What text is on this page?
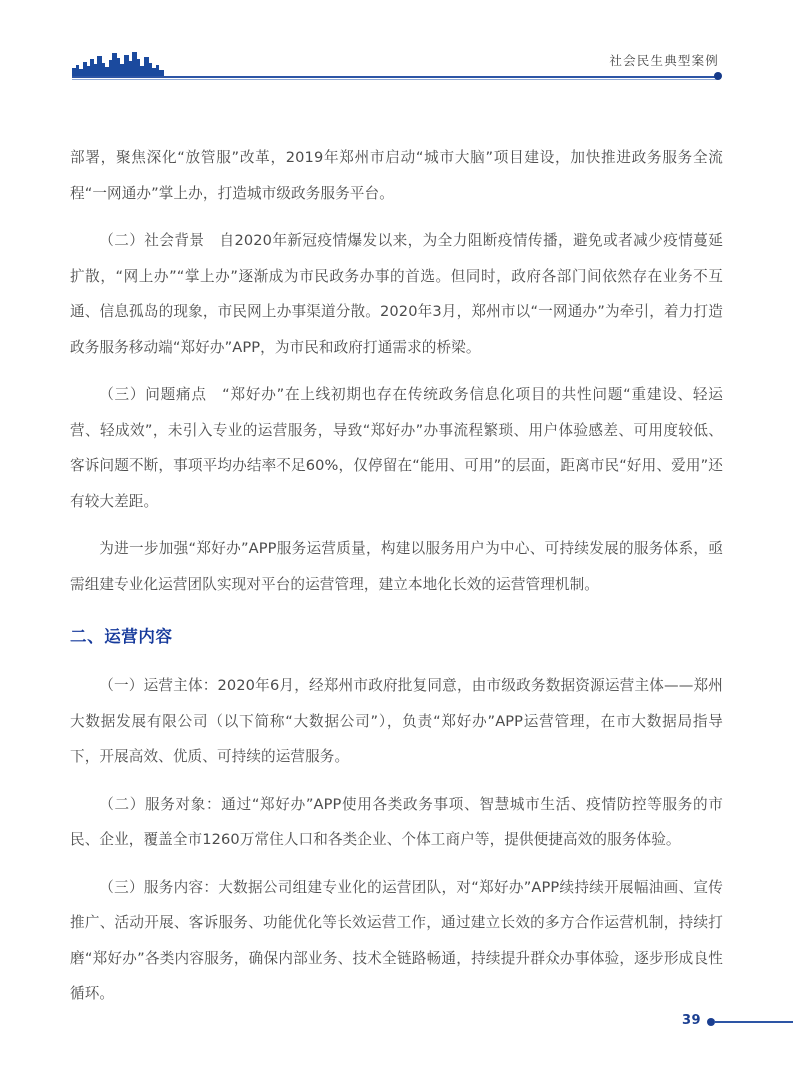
社会民生典型案例

部署，聚焦深化“放管服”改革，2019年郑州市启动“城市大脑”项目建设，加快推进政务服务全流程“一网通办”掌上办，打造城市级政务服务平台。

（二）社会背景　自2020年新冠疫情爆发以来，为全力阻断疫情传播，避免或者减少疫情蔓延扩散，“网上办”“掌上办”逐渐成为市民政务办事的首选。但同时，政府各部门间依然存在业务不互通、信息孤岛的现象，市民网上办事渠道分散。2020年3月，郑州市以“一网通办”为牵引，着力打造政务服务移动端“郑好办”APP，为市民和政府打通需求的桥梁。

（三）问题痛点　“郑好办”在上线初期也存在传统政务信息化项目的共性问题“重建设、轻运营、轻成效”，未引入专业的运营服务，导致“郑好办”办事流程繁琐、用户体验感差、可用度较低、客诉问题不断，事项平均办结率不足60%，仅停留在“能用、可用”的层面，距离市民“好用、爱用”还有较大差距。

为进一步加强“郑好办”APP服务运营质量，构建以服务用户为中心、可持续发展的服务体系，亟需组建专业化运营团队实现对平台的运营管理，建立本地化长效的运营管理机制。

二、运营内容

（一）运营主体：2020年6月，经郑州市政府批复同意，由市级政务数据资源运营主体——郑州大数据发展有限公司（以下简称“大数据公司”），负责“郑好办”APP运营管理，在市大数据局指导下，开展高效、优质、可持续的运营服务。

（二）服务对象：通过“郑好办”APP使用各类政务事项、智慧城市生活、疫情防控等服务的市民、企业，覆盖全市1260万常住人口和各类企业、个体工商户等，提供便捷高效的服务体验。

（三）服务内容：大数据公司组建专业化的运营团队，对“郑好办”APP续持续开展幅油画、宣传推广、活动开展、客诉服务、功能优化等长效运营工作，通过建立长效的多方合作运营机制，持续打磨“郑好办”各类内容服务，确保内部业务、技术全链路畅通，持续提升群众办事体验，逐步形成良性循环。

39
